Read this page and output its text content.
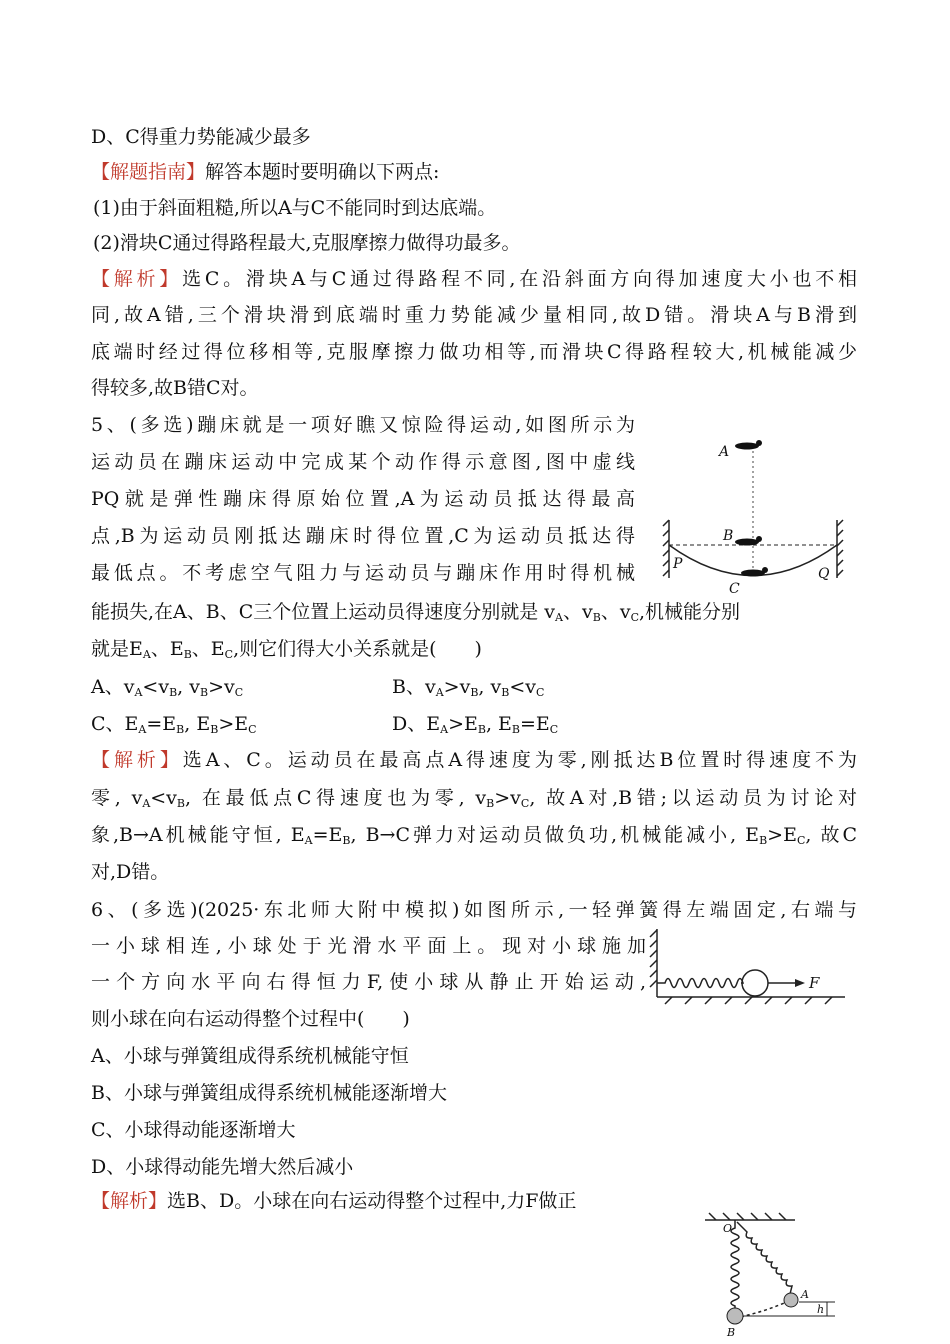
D、C得重力势能减少最多
【解题指南】解答本题时要明确以下两点:
(1)由于斜面粗糙,所以A与C不能同时到达底端。
(2)滑块C通过得路程最大,克服摩擦力做得功最多。
【解析】选C。滑块A与C通过得路程不同,在沿斜面方向得加速度大小也不相
同,故A错,三个滑块滑到底端时重力势能减少量相同,故D错。滑块A与B滑到
底端时经过得位移相等,克服摩擦力做功相等,而滑块C得路程较大,机械能减少
得较多,故B错C对。
5、(多选)蹦床就是一项好瞧又惊险得运动,如图所示为
运动员在蹦床运动中完成某个动作得示意图,图中虚线
PQ就是弹性蹦床得原始位置,A为运动员抵达得最高
点,B为运动员刚抵达蹦床时得位置,C为运动员抵达得
最低点。不考虑空气阻力与运动员与蹦床作用时得机械
能损失,在A、B、C三个位置上运动员得速度分别就是 $v_A$、$v_B$、$v_C$,机械能分别
就是$E_A$、$E_B$、$E_C$,则它们得大小关系就是(　　)
A、$v_A<v_B$, $v_B>v_C$	B、$v_A>v_B$, $v_B<v_C$
C、$E_A=E_B$, $E_B>E_C$	D、$E_A>E_B$, $E_B=E_C$
【解析】选A、C。运动员在最高点A得速度为零,刚抵达B位置时得速度不为
零, $v_A<v_B$, 在最低点C得速度也为零, $v_B>v_C$, 故A对,B错;以运动员为讨论对
象,B→A机械能守恒, $E_A=E_B$, B→C弹力对运动员做负功,机械能减小, $E_B>E_C$, 故C
对,D错。
A
B
C
P
Q
6、(多选)(2025·东北师大附中模拟)如图所示,一轻弹簧得左端固定,右端与
一小球相连,小球处于光滑水平面上。现对小球施加
一个方向水平向右得恒力F,使小球从静止开始运动,
则小球在向右运动得整个过程中(　　)
A、小球与弹簧组成得系统机械能守恒
B、小球与弹簧组成得系统机械能逐渐增大
C、小球得动能逐渐增大
D、小球得动能先增大然后减小
【解析】选B、D。小球在向右运动得整个过程中,力F做正
F
O
A
B
h
